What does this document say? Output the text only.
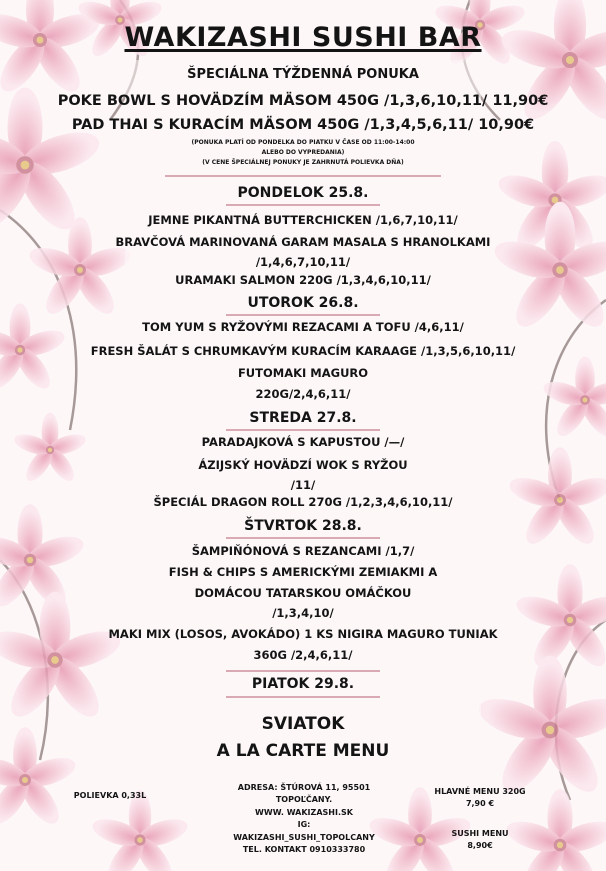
WAKIZASHI SUSHI BAR
ŠPECIÁLNA TÝŽDENNÁ PONUKA
POKE BOWL S HOVÄDZÍM MÄSOM 450G /1,3,6,10,11/ 11,90€
PAD THAI S KURACÍM MÄSOM 450G /1,3,4,5,6,11/ 10,90€
(PONUKA PLATÍ OD PONDELKA DO PIATKU V ČASE OD 11:00-14:00
ALEBO DO VYPREDANIA)
(V CENE ŠPECIÁLNEJ PONUKY JE ZAHRNUTÁ POLIEVKA DŇA)
PONDELOK 25.8.
JEMNE PIKANTNÁ BUTTERCHICKEN /1,6,7,10,11/
BRAVČOVÁ MARINOVANÁ GARAM MASALA S HRANOLKAMI
/1,4,6,7,10,11/
URAMAKI SALMON 220G /1,3,4,6,10,11/
UTOROK 26.8.
TOM YUM S RYŽOVÝMI REZACAMI A TOFU /4,6,11/
FRESH ŠALÁT S CHRUMKAVÝM KURACÍM KARAAGE /1,3,5,6,10,11/
FUTOMAKI MAGURO
220G/2,4,6,11/
STREDA 27.8.
PARADAJKOVÁ S KAPUSTOU /—/
ÁZIJSKÝ HOVÄDZÍ WOK S RYŽOU
/11/
ŠPECIÁL DRAGON ROLL 270G /1,2,3,4,6,10,11/
ŠTVRTOK 28.8.
ŠAMPIŇÓNOVÁ S REZANCAMI /1,7/
FISH & CHIPS S AMERICKÝMI ZEMIAKMI A
DOMÁCOU TATARSKOU OMÁČKOU
/1,3,4,10/
MAKI MIX (LOSOS, AVOKÁDO) 1 KS NIGIRA MAGURO TUNIAK
360G /2,4,6,11/
PIATOK 29.8.
SVIATOK
A LA CARTE MENU
POLIEVKA 0,33L
ADRESA: ŠTÚROVÁ 11, 95501
TOPOĽČANY.
WWW. WAKIZASHI.SK
IG: WAKIZASHI_SUSHI_TOPOLCANY
TEL. KONTAKT 0910333780
HLAVNÉ MENU 320G
7,90 €
SUSHI MENU
8,90€
